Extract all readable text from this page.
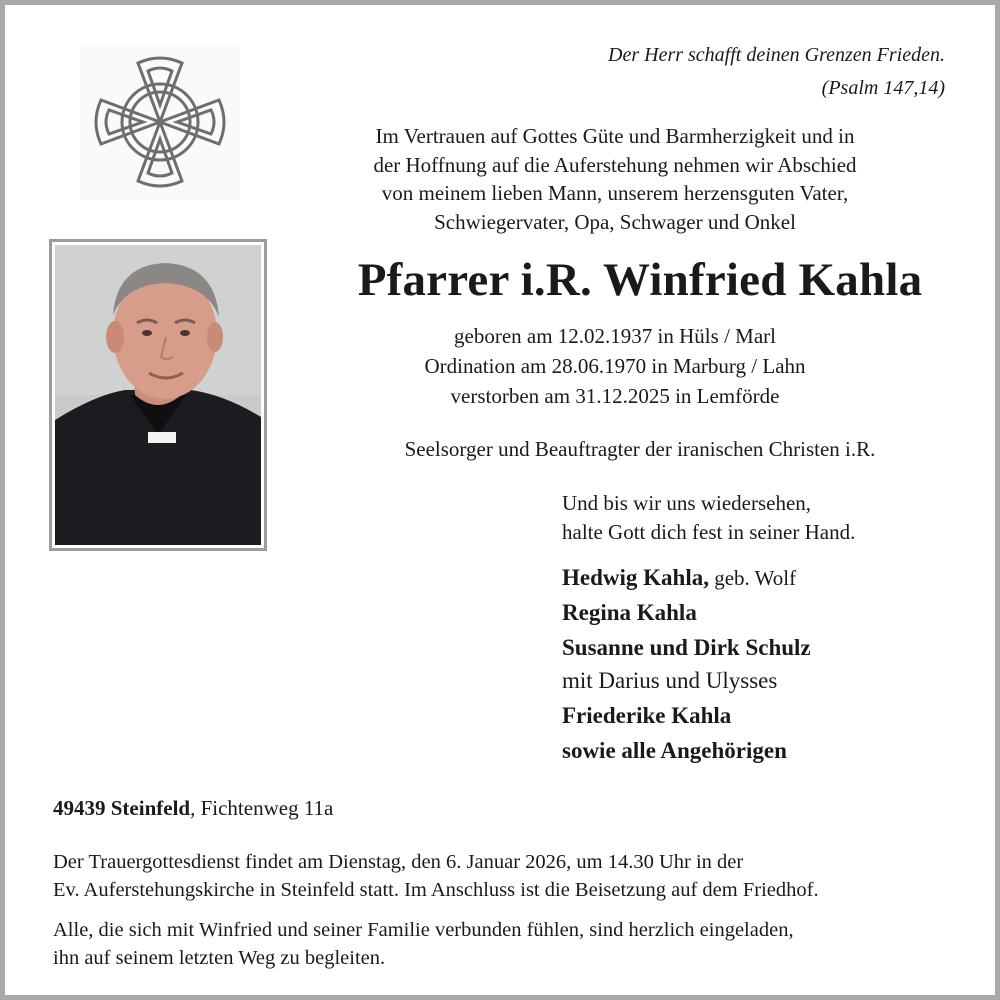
Der Herr schafft deinen Grenzen Frieden.
(Psalm 147,14)
Im Vertrauen auf Gottes Güte und Barmherzigkeit und in
der Hoffnung auf die Auferstehung nehmen wir Abschied
von meinem lieben Mann, unserem herzensguten Vater,
Schwiegervater, Opa, Schwager und Onkel
Pfarrer i.R. Winfried Kahla
geboren am 12.02.1937 in Hüls / Marl
Ordination am 28.06.1970 in Marburg / Lahn
verstorben am 31.12.2025 in Lemförde
Seelsorger und Beauftragter der iranischen Christen i.R.
Und bis wir uns wiedersehen,
halte Gott dich fest in seiner Hand.
Hedwig Kahla, geb. Wolf
Regina Kahla
Susanne und Dirk Schulz
mit Darius und Ulysses
Friederike Kahla
sowie alle Angehörigen
49439 Steinfeld, Fichtenweg 11a
Der Trauergottesdienst findet am Dienstag, den 6. Januar 2026, um 14.30 Uhr in der
Ev. Auferstehungskirche in Steinfeld statt. Im Anschluss ist die Beisetzung auf dem Friedhof.
Alle, die sich mit Winfried und seiner Familie verbunden fühlen, sind herzlich eingeladen,
ihn auf seinem letzten Weg zu begleiten.
